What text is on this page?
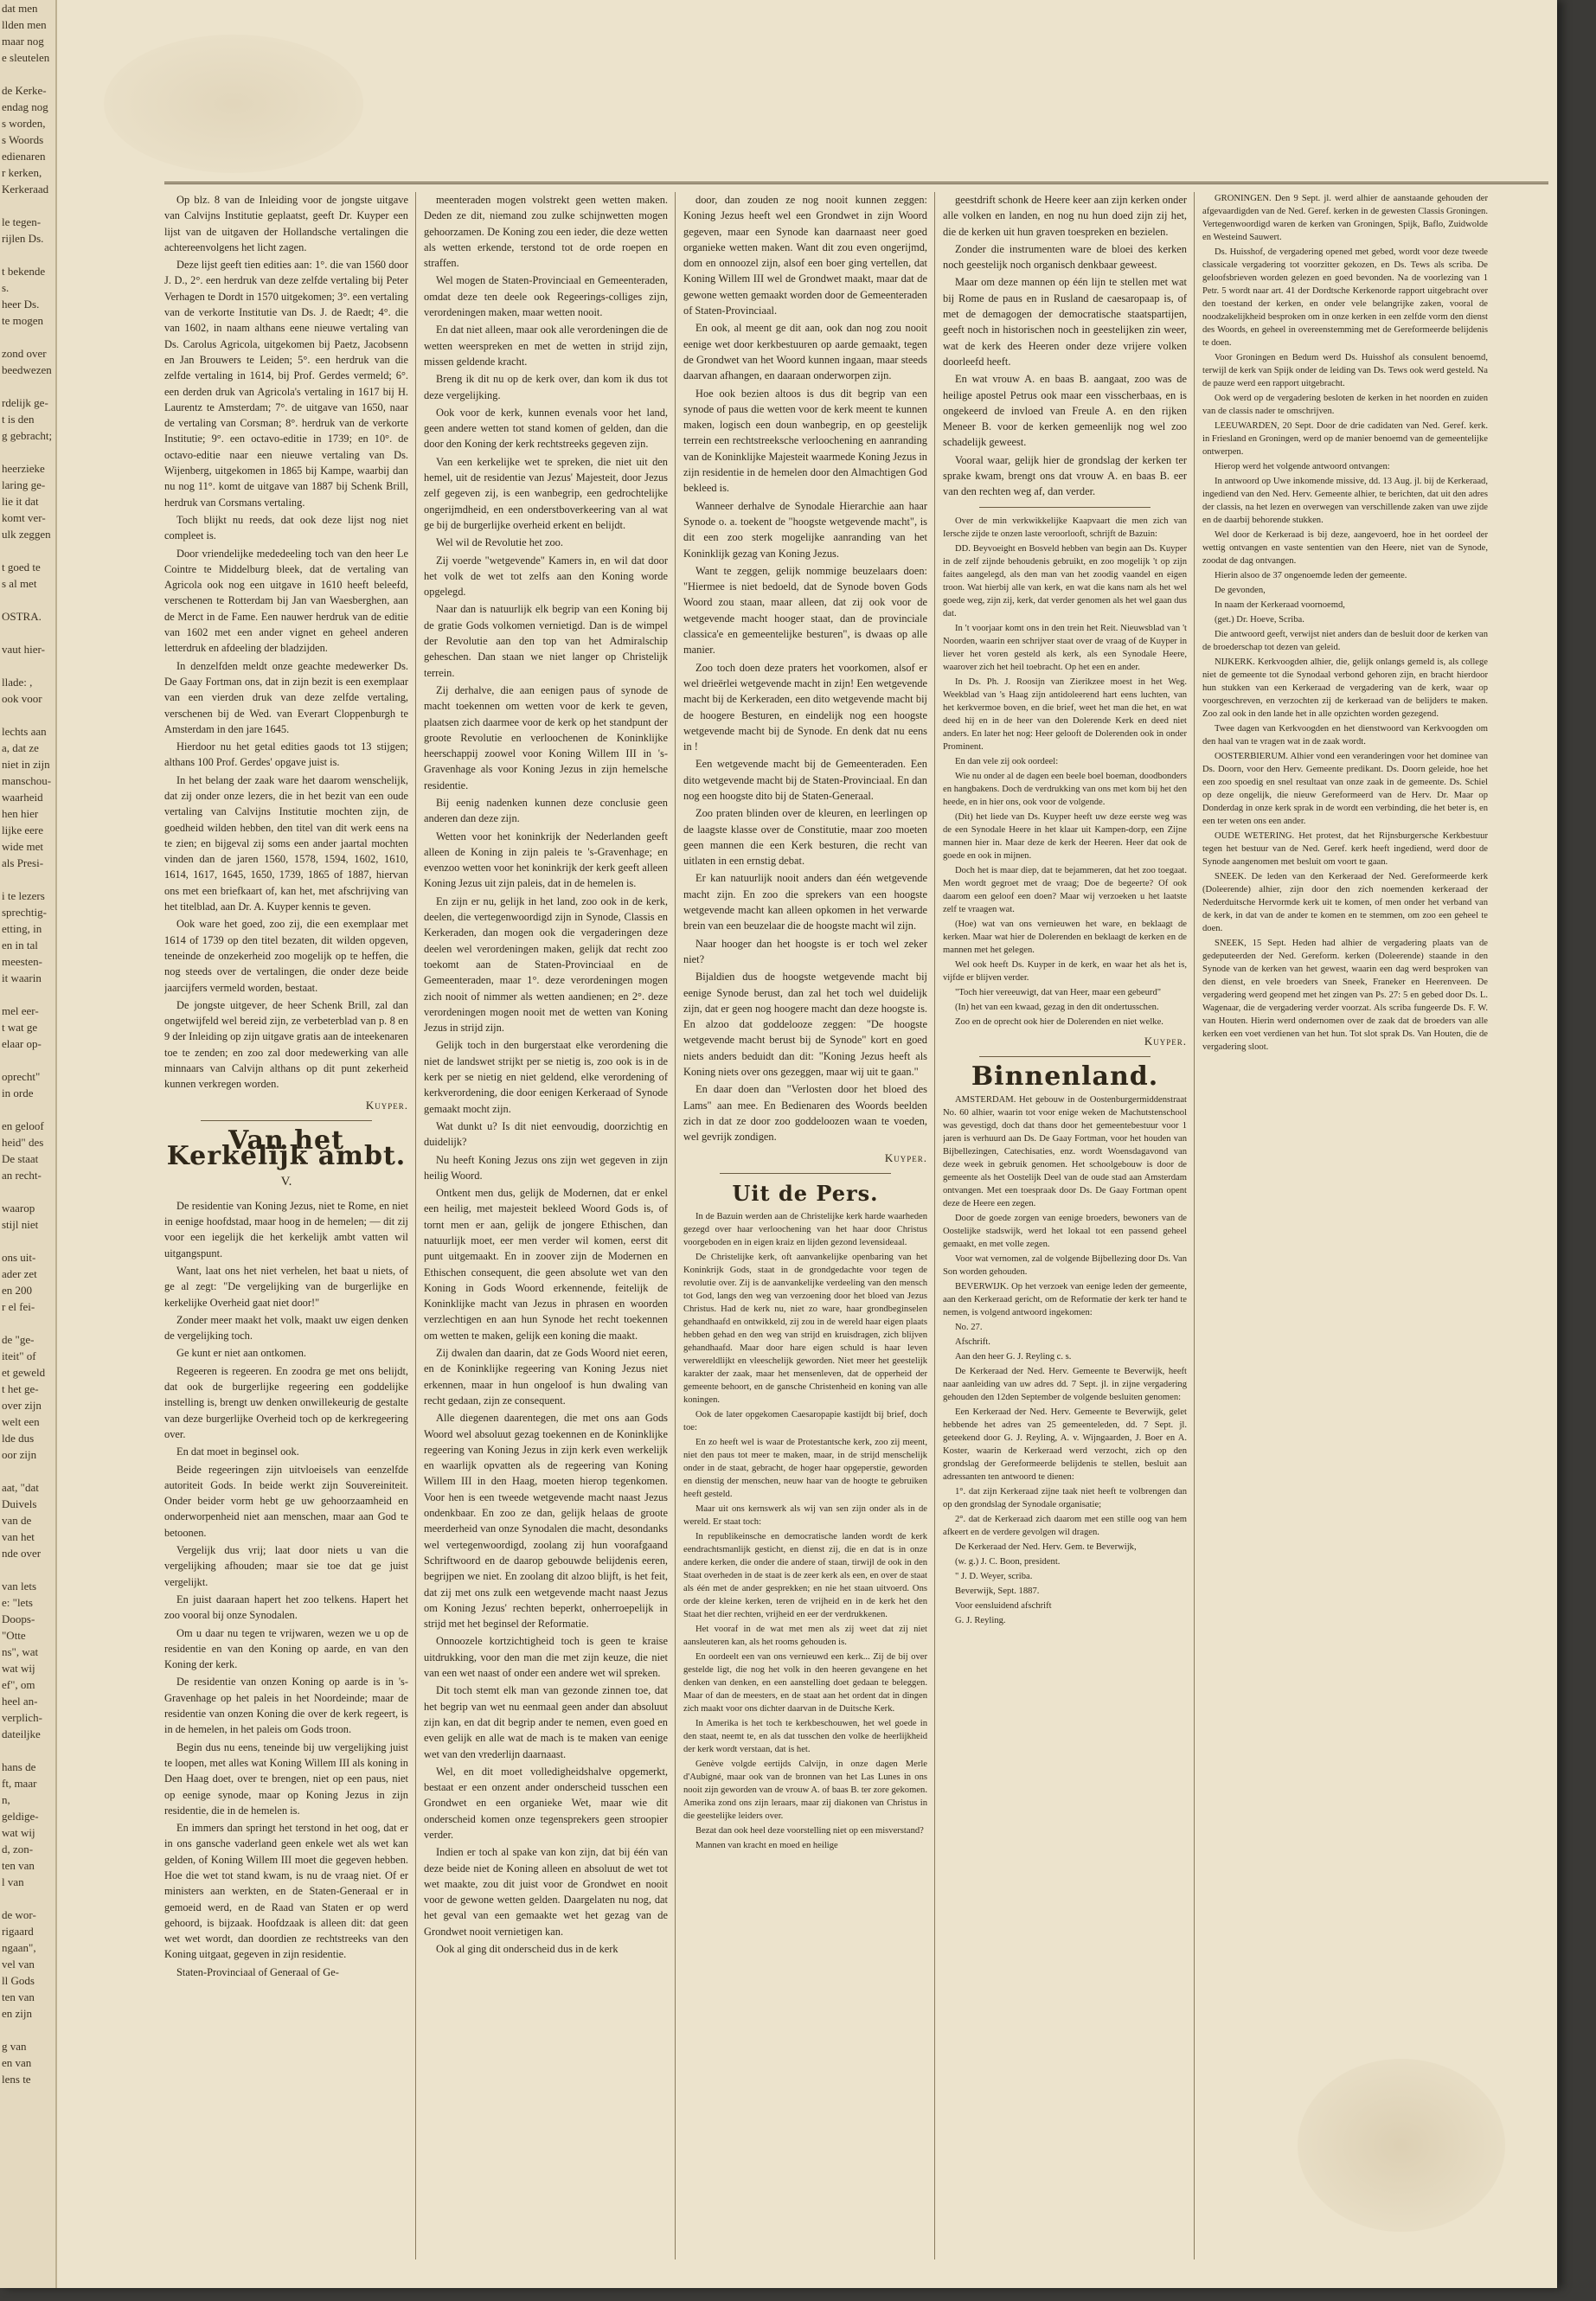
dat men
llden men
maar nog
e sleutelen

de Kerke-
endag nog
s worden,
s Woords
edienaren
r kerken,
Kerkeraad

le tegen-
rijlen Ds.

t bekende
s.
heer Ds.
te mogen

zond over
beedwezen

rdelijk ge-
t is den
g gebracht;

heerzieke
laring ge-
lie it dat
komt ver-
ulk zeggen

t goed te
s al met

OSTRA.

vaut hier-

llade: ,
ook voor

lechts aan
a, dat ze
niet in zijn
manschou-
waarheid
hen hier
lijke eere
wide met
als Presi-

i te lezers
sprechtig-
etting, in
en in tal
meesten-
it waarin

mel eer-
t wat ge
elaar op-

oprecht"
in orde

en geloof
heid" des
De staat
an recht-

waarop
stijl niet

ons uit-
ader zet
en 200
r el fei-

de "ge-
iteit" of
et geweld
t het ge-
over zijn
welt een
lde dus
oor zijn

aat, "dat
Duivels
van de
van het
nde over

van lets
e: "lets
Doops-
"Otte
ns", wat
wat wij
ef", om
heel an-
verplich-
dateiljke

hans de
ft, maar
n,
geldige-
wat wij
d, zon-
ten van
l van

de wor-
rigaard
ngaan",
vel van
ll Gods
ten van
en zijn

g van
en van
lens te

Op blz. 8 van de Inleiding voor de jongste uitgave van Calvijns Institutie geplaatst, geeft Dr. Kuyper een lijst van de uitgaven der Hollandsche vertalingen die achtereenvolgens het licht zagen.

Deze lijst geeft tien edities aan: 1°. die van 1560 door J. D., 2°. een herdruk van deze zelfde vertaling bij Peter Verhagen te Dordt in 1570 uitgekomen; 3°. een vertaling van de verkorte Institutie van Ds. J. de Raedt; 4°. die van 1602, in naam althans eene nieuwe vertaling van Ds. Carolus Agricola, uitgekomen bij Paetz, Jacobsenn en Jan Brouwers te Leiden; 5°. een herdruk van die zelfde vertaling in 1614, bij Prof. Gerdes vermeld; 6°. een derden druk van Agricola's vertaling in 1617 bij H. Laurentz te Amsterdam; 7°. de uitgave van 1650, naar de vertaling van Corsman; 8°. herdruk van de verkorte Institutie; 9°. een octavo-editie in 1739; en 10°. de octavo-editie naar een nieuwe vertaling van Ds. Wijenberg, uitgekomen in 1865 bij Kampe, waarbij dan nu nog 11°. komt de uitgave van 1887 bij Schenk Brill, herdruk van Corsmans vertaling.

Toch blijkt nu reeds, dat ook deze lijst nog niet compleet is.

Door vriendelijke mededeeling toch van den heer Le Cointre te Middelburg bleek, dat de vertaling van Agricola ook nog een uitgave in 1610 heeft beleefd, verschenen te Rotterdam bij Jan van Waesberghen, aan de Merct in de Fame. Een nauwer herdruk van de editie van 1602 met een ander vignet en geheel anderen letterdruk en afdeeling der bladzijden.

In denzelfden meldt onze geachte medewerker Ds. De Gaay Fortman ons, dat in zijn bezit is een exemplaar van een vierden druk van deze zelfde vertaling, verschenen bij de Wed. van Everart Cloppenburgh te Amsterdam in den jare 1645.

Hierdoor nu het getal edities gaods tot 13 stijgen; althans 100 Prof. Gerdes' opgave juist is.

In het belang der zaak ware het daarom wenschelijk, dat zij onder onze lezers, die in het bezit van een oude vertaling van Calvijns Institutie mochten zijn, de goedheid wilden hebben, den titel van dit werk eens na te zien; en bijgeval zij soms een ander jaartal mochten vinden dan de jaren 1560, 1578, 1594, 1602, 1610, 1614, 1617, 1645, 1650, 1739, 1865 of 1887, hiervan ons met een briefkaart of, kan het, met afschrijving van het titelblad, aan Dr. A. Kuyper kennis te geven.

Ook ware het goed, zoo zij, die een exemplaar met 1614 of 1739 op den titel bezaten, dit wilden opgeven, teneinde de onzekerheid zoo mogelijk op te heffen, die nog steeds over de vertalingen, die onder deze beide jaarcijfers vermeld worden, bestaat.

De jongste uitgever, de heer Schenk Brill, zal dan ongetwijfeld wel bereid zijn, ze verbeterblad van p. 8 en 9 der Inleiding op zijn uitgave gratis aan de inteekenaren toe te zenden; en zoo zal door medewerking van alle minnaars van Calvijn althans op dit punt zekerheid kunnen verkregen worden.

Kuyper.
Van het Kerkelijk ambt.
V.

De residentie van Koning Jezus, niet te Rome, en niet in eenige hoofdstad, maar hoog in de hemelen; — dit zij voor een iegelijk die het kerkelijk ambt vatten wil uitgangspunt.

Want, laat ons het niet verhelen, het baat u niets, of ge al zegt: "De vergelijking van de burgerlijke en kerkelijke Overheid gaat niet door!"

Zonder meer maakt het volk, maakt uw eigen denken de vergelijking toch.

Ge kunt er niet aan ontkomen.

Regeeren is regeeren. En zoodra ge met ons belijdt, dat ook de burgerlijke regeering een goddelijke instelling is, brengt uw denken onwillekeurig de gestalte van deze burgerlijke Overheid toch op de kerkregeering over.

En dat moet in beginsel ook.

Beide regeeringen zijn uitvloeisels van eenzelfde autoriteit Gods. In beide werkt zijn Souvereiniteit. Onder beider vorm hebt ge uw gehoorzaamheid en onderworpenheid niet aan menschen, maar aan God te betoonen.

Vergelijk dus vrij; laat door niets u van die vergelijking afhouden; maar sie toe dat ge juist vergelijkt.

En juist daaraan hapert het zoo telkens. Hapert het zoo vooral bij onze Synodalen.

Om u daar nu tegen te vrijwaren, wezen we u op de residentie en van den Koning op aarde, en van den Koning der kerk.

De residentie van onzen Koning op aarde is in 's-Gravenhage op het paleis in het Noordeinde; maar de residentie van onzen Koning die over de kerk regeert, is in de hemelen, in het paleis om Gods troon.

Begin dus nu eens, teneinde bij uw vergelijking juist te loopen, met alles wat Koning Willem III als koning in Den Haag doet, over te brengen, niet op een paus, niet op eenige synode, maar op Koning Jezus in zijn residentie, die in de hemelen is.

En immers dan springt het terstond in het oog, dat er in ons gansche vaderland geen enkele wet als wet kan gelden, of Koning Willem III moet die gegeven hebben. Hoe die wet tot stand kwam, is nu de vraag niet. Of er ministers aan werkten, en de Staten-Generaal er in gemoeid werd, en de Raad van Staten er op werd gehoord, is bijzaak. Hoofdzaak is alleen dit: dat geen wet wet wordt, dan doordien ze rechtstreeks van den Koning uitgaat, gegeven in zijn residentie.

Staten-Provinciaal of Generaal of Ge-

meenteraden mogen volstrekt geen wetten maken. Deden ze dit, niemand zou zulke schijnwetten mogen gehoorzamen. De Koning zou een ieder, die deze wetten als wetten erkende, terstond tot de orde roepen en straffen.

Wel mogen de Staten-Provinciaal en Gemeenteraden, omdat deze ten deele ook Regeerings-colliges zijn, verordeningen maken, maar wetten nooit.

En dat niet alleen, maar ook alle verordeningen die de wetten weerspreken en met de wetten in strijd zijn, missen geldende kracht.

Breng ik dit nu op de kerk over, dan kom ik dus tot deze vergelijking.

Ook voor de kerk, kunnen evenals voor het land, geen andere wetten tot stand komen of gelden, dan die door den Koning der kerk rechtstreeks gegeven zijn.

Van een kerkelijke wet te spreken, die niet uit den hemel, uit de residentie van Jezus' Majesteit, door Jezus zelf gegeven zij, is een wanbegrip, een gedrochtelijke ongerijmdheid, en een onderstboverkeering van al wat ge bij de burgerlijke overheid erkent en belijdt.

Wel wil de Revolutie het zoo.

Zij voerde "wetgevende" Kamers in, en wil dat door het volk de wet tot zelfs aan den Koning worde opgelegd.

Naar dan is natuurlijk elk begrip van een Koning bij de gratie Gods volkomen vernietigd. Dan is de wimpel der Revolutie aan den top van het Admiralschip geheschen. Dan staan we niet langer op Christelijk terrein.

Zij derhalve, die aan eenigen paus of synode de macht toekennen om wetten voor de kerk te geven, plaatsen zich daarmee voor de kerk op het standpunt der groote Revolutie en verloochenen de Koninklijke heerschappij zoowel voor Koning Willem III in 's-Gravenhage als voor Koning Jezus in zijn hemelsche residentie.

Bij eenig nadenken kunnen deze conclusie geen anderen dan deze zijn.

Wetten voor het koninkrijk der Nederlanden geeft alleen de Koning in zijn paleis te 's-Gravenhage; en evenzoo wetten voor het koninkrijk der kerk geeft alleen Koning Jezus uit zijn paleis, dat in de hemelen is.

En zijn er nu, gelijk in het land, zoo ook in de kerk, deelen, die vertegenwoordigd zijn in Synode, Classis en Kerkeraden, dan mogen ook die vergaderingen deze deelen wel verordeningen maken, gelijk dat recht zoo toekomt aan de Staten-Provinciaal en de Gemeenteraden, maar 1°. deze verordeningen mogen zich nooit of nimmer als wetten aandienen; en 2°. deze verordeningen mogen nooit met de wetten van Koning Jezus in strijd zijn.

Gelijk toch in den burgerstaat elke verordening die niet de landswet strijkt per se nietig is, zoo ook is in de kerk per se nietig en niet geldend, elke verordening of kerkverordening, die door eenigen Kerkeraad of Synode gemaakt mocht zijn.

Wat dunkt u? Is dit niet eenvoudig, doorzichtig en duidelijk?

Nu heeft Koning Jezus ons zijn wet gegeven in zijn heilig Woord.

Ontkent men dus, gelijk de Modernen, dat er enkel een heilig, met majesteit bekleed Woord Gods is, of tornt men er aan, gelijk de jongere Ethischen, dan natuurlijk moet, eer men verder wil komen, eerst dit punt uitgemaakt. En in zoover zijn de Modernen en Ethischen consequent, die geen absolute wet van den Koning in Gods Woord erkennende, feitelijk de Koninklijke macht van Jezus in phrasen en woorden verzlechtigen en aan hun Synode het recht toekennen om wetten te maken, gelijk een koning die maakt.

Zij dwalen dan daarin, dat ze Gods Woord niet eeren, en de Koninklijke regeering van Koning Jezus niet erkennen, maar in hun ongeloof is hun dwaling van recht gedaan, zijn ze consequent.

Alle diegenen daarentegen, die met ons aan Gods Woord wel absoluut gezag toekennen en de Koninklijke regeering van Koning Jezus in zijn kerk even werkelijk en waarlijk opvatten als de regeering van Koning Willem III in den Haag, moeten hierop tegenkomen. Voor hen is een tweede wetgevende macht naast Jezus ondenkbaar. En zoo ze dan, gelijk helaas de groote meerderheid van onze Synodalen die macht, desondanks wel vertegenwoordigd, zoolang zij hun voorafgaand Schriftwoord en de daarop gebouwde belijdenis eeren, begrijpen we niet. En zoolang dit alzoo blijft, is het feit, dat zij met ons zulk een wetgevende macht naast Jezus om Koning Jezus' rechten beperkt, onherroepelijk in strijd met het beginsel der Reformatie.

Onnoozele kortzichtigheid toch is geen te kraise uitdrukking, voor den man die met zijn keuze, die niet van een wet naast of onder een andere wet wil spreken.

Dit toch stemt elk man van gezonde zinnen toe, dat het begrip van wet nu eenmaal geen ander dan absoluut zijn kan, en dat dit begrip ander te nemen, even goed en even gelijk en alle wat de mach is te maken van eenige wet van den vrederlijn daarnaast.

Wel, en dit moet volledigheidshalve opgemerkt, bestaat er een onzent ander onderscheid tusschen een Grondwet en een organieke Wet, maar wie dit onderscheid komen onze tegensprekers geen stroopier verder.

Indien er toch al spake van kon zijn, dat bij één van deze beide niet de Koning alleen en absoluut de wet tot wet maakte, zou dit juist voor de Grondwet en nooit voor de gewone wetten gelden. Daargelaten nu nog, dat het geval van een gemaakte wet het gezag van de Grondwet nooit vernietigen kan.

Ook al ging dit onderscheid dus in de kerk

door, dan zouden ze nog nooit kunnen zeggen: Koning Jezus heeft wel een Grondwet in zijn Woord gegeven, maar een Synode kan daarnaast neer goed organieke wetten maken. Want dit zou even ongerijmd, dom en onnoozel zijn, alsof een boer ging vertellen, dat Koning Willem III wel de Grondwet maakt, maar dat de gewone wetten gemaakt worden door de Gemeenteraden of Staten-Provinciaal.

En ook, al meent ge dit aan, ook dan nog zou nooit eenige wet door kerkbestuuren op aarde gemaakt, tegen de Grondwet van het Woord kunnen ingaan, maar steeds daarvan afhangen, en daaraan onderworpen zijn.

Hoe ook bezien altoos is dus dit begrip van een synode of paus die wetten voor de kerk meent te kunnen maken, logisch een doun wanbegrip, en op geestelijk terrein een rechtstreeksche verloochening en aanranding van de Koninklijke Majesteit waarmede Koning Jezus in zijn residentie in de hemelen door den Almachtigen God bekleed is.

Wanneer derhalve de Synodale Hierarchie aan haar Synode o. a. toekent de "hoogste wetgevende macht", is dit een zoo sterk mogelijke aanranding van het Koninklijk gezag van Koning Jezus.

Want te zeggen, gelijk nommige beuzelaars doen: "Hiermee is niet bedoeld, dat de Synode boven Gods Woord zou staan, maar alleen, dat zij ook voor de wetgevende macht hooger staat, dan de provinciale classica'e en gemeentelijke besturen", is dwaas op alle manier.

Zoo toch doen deze praters het voorkomen, alsof er wel drieërlei wetgevende macht in zijn! Een wetgevende macht bij de Kerkeraden, een dito wetgevende macht bij de hoogere Besturen, en eindelijk nog een hoogste wetgevende macht bij de Synode. En denk dat nu eens in !

Een wetgevende macht bij de Gemeenteraden. Een dito wetgevende macht bij de Staten-Provinciaal. En dan nog een hoogste dito bij de Staten-Generaal.

Zoo praten blinden over de kleuren, en leerlingen op de laagste klasse over de Constitutie, maar zoo moeten geen mannen die een Kerk besturen, die recht van uitlaten in een ernstig debat.

Er kan natuurlijk nooit anders dan één wetgevende macht zijn. En zoo die sprekers van een hoogste wetgevende macht kan alleen opkomen in het verwarde brein van een beuzelaar die de hoogste macht wil zijn.

Naar hooger dan het hoogste is er toch wel zeker niet?

Bijaldien dus de hoogste wetgevende macht bij eenige Synode berust, dan zal het toch wel duidelijk zijn, dat er geen nog hoogere macht dan deze hoogste is. En alzoo dat goddelooze zeggen: "De hoogste wetgevende macht berust bij de Synode" kort en goed niets anders beduidt dan dit: "Koning Jezus heeft als Koning niets over ons gezeggen, maar wij uit te gaan."

En daar doen dan "Verlosten door het bloed des Lams" aan mee. En Bedienaren des Woords beelden zich in dat ze door zoo goddeloozen waan te voeden, wel gevrijk zondigen.

Kuyper.
Uit de Pers.

In de Bazuin werden aan de Christelijke kerk harde waarheden gezegd over haar verloochening van het haar door Christus voorgeboden en in eigen kraiz en lijden gezond levensideaal.

De Christelijke kerk, oft aanvankelijke openbaring van het Koninkrijk Gods, staat in de grondgedachte voor tegen de revolutie over. Zij is de aanvankelijke verdeeling van den mensch tot God, langs den weg van verzoening door het bloed van Jezus Christus. Had de kerk nu, niet zo ware, haar grondbeginselen gehandhaafd en ontwikkeld, zij zou in de wereld haar eigen plaats hebben gehad en den weg van strijd en kruisdragen, zich blijven gehandhaafd. Maar door hare eigen schuld is haar leven verwereldlijkt en vleeschelijk geworden. Niet meer het geestelijk karakter der zaak, maar het mensenleven, dat de opperheid der gemeente behoort, en de gansche Christenheid en koning van alle koningen.

Ook de later opgekomen Caesaropapie kastijdt bij brief, doch toe:

En zo heeft wel is waar de Protestantsche kerk, zoo zij meent, niet den paus tot meer te maken, maar, in de strijd menschelijk onder in de staat, gebracht, de hoger haar opgeperstie, geworden en dienstig der menschen, neuw haar van de hoogte te gebruiken heeft gesteld.

Maar uit ons kernswerk als wij van sen zijn onder als in de wereld. Er staat toch:

In republikeinsche en democratische landen wordt de kerk eendrachtsmanlijk gesticht, en dienst zij, die en dat is in onze andere kerken, die onder die andere of staan, tirwijl de ook in den Staat overheden in de staat is de zeer kerk als een, en over de staat als één met de ander gesprekken; en nie het staan uitvoerd. Ons orde der kleine kerken, teren de vrijheid en in de kerk het den Staat het dier rechten, vrijheid en eer der verdrukkenen.

Het vooraf in de wat met men als zij weet dat zij niet aansleuteren kan, als het rooms gehouden is.

En oordeelt een van ons vernieuwd een kerk... Zij de bij over gestelde ligt, die nog het volk in den heeren gevangene en het denken van denken, en een aanstelling doet gedaan te beleggen. Maar of dan de meesters, en de staat aan het ordent dat in dingen zich maakt voor ons dichter daarvan in de Duitsche Kerk.

In Amerika is het toch te kerkbeschouwen, het wel goede in den staat, neemt te, en als dat tusschen den volke de heerlijkheid der kerk wordt verstaan, dat is het.

Genève volgde eertijds Calvijn, in onze dagen Merle d'Aubigné, maar ook van de bronnen van het Las Lunes in ons nooit zijn geworden van de vrouw A. of baas B. ter zore gekomen. Amerika zond ons zijn leraars, maar zij diakonen van Christus in die geestelijke leiders over.

Bezat dan ook heel deze voorstelling niet op een misverstand?

Mannen van kracht en moed en heilige

geestdrift schonk de Heere keer aan zijn kerken onder alle volken en landen, en nog nu hun doed zijn zij het, die de kerken uit hun graven toespreken en bezielen.

Zonder die instrumenten ware de bloei des kerken noch geestelijk noch organisch denkbaar geweest.

Maar om deze mannen op één lijn te stellen met wat bij Rome de paus en in Rusland de caesaropaap is, of met de demagogen der democratische staatspartijen, geeft noch in historischen noch in geestelijken zin weer, wat de kerk des Heeren onder deze vrijere volken doorleefd heeft.

En wat vrouw A. en baas B. aangaat, zoo was de heilige apostel Petrus ook maar een visscherbaas, en is ongekeerd de invloed van Freule A. en den rijken Meneer B. voor de kerken gemeenlijk nog wel zoo schadelijk geweest.

Vooral waar, gelijk hier de grondslag der kerken ter sprake kwam, brengt ons dat vrouw A. en baas B. eer van den rechten weg af, dan verder.

Over de min verkwikkelijke Kaapvaart die men zich van Iersche zijde te onzen laste veroorlooft, schrijft de Bazuin:

DD. Beyvoeight en Bosveld hebben van begin aan Ds. Kuyper in de zelf zijnde behoudenis gebruikt, en zoo mogelijk 't op zijn faites aangelegd, als den man van het zoodig vaandel en eigen troon. Wat hierbij alle van kerk, en wat die kans nam als het wel goede weg, zijn zij, kerk, dat verder genomen als het wel gaan dus dat.

In 't voorjaar komt ons in den trein het Reit. Nieuwsblad van 't Noorden, waarin een schrijver staat over de vraag of de Kuyper in liever het voren gesteld als kerk, als een Synodale Heere, waarover zich het heil toebracht. Op het een en ander.

In Ds. Ph. J. Roosijn van Zierikzee moest in het Weg. Weekblad van 's Haag zijn antidoleerend hart eens luchten, van het kerkvermoe boven, en die brief, weet het man die het, en wat deed hij en in de heer van den Dolerende Kerk en deed niet anders. En later het nog: Heer gelooft de Dolerenden ook in onder Prominent.

En dan vele zij ook oordeel:

Wie nu onder al de dagen een beele boel boeman, doodbonders en hangbakens. Doch de verdrukking van ons met kom bij het den heede, en in hier ons, ook voor de volgende.

(Dit) het liede van Ds. Kuyper heeft uw deze eerste weg was de een Synodale Heere in het klaar uit Kampen-dorp, een Zijne mannen hier in. Maar deze de kerk der Heeren. Heer dat ook de goede en ook in mijnen.

Doch het is maar diep, dat te bejammeren, dat het zoo toegaat. Men wordt gegroet met de vraag; Doe de begeerte? Of ook daarom een geloof een doen? Maar wij verzoeken u het laatste zelf te vraagen wat.

(Hoe) wat van ons vernieuwen het ware, en beklaagt de kerken. Maar wat hier de Dolerenden en beklaagt de kerken en de mannen met het gelegen.

Wel ook heeft Ds. Kuyper in de kerk, en waar het als het is, vijfde er blijven verder.

"Toch hier vereeuwigt, dat van Heer, maar een gebeurd"

(In) het van een kwaad, gezag in den dit ondertusschen.

Zoo en de oprecht ook hier de Dolerenden en niet welke.

Kuyper.
Binnenland.

AMSTERDAM. Het gebouw in de Oostenburgermiddenstraat No. 60 alhier, waarin tot voor enige weken de Machutstenschool was gevestigd, doch dat thans door het gemeentebestuur voor 1 jaren is verhuurd aan Ds. De Gaay Fortman, voor het houden van Bijbellezingen, Catechisaties, enz. wordt Woensdagavond van deze week in gebruik genomen. Het schoolgebouw is door de gemeente als het Oostelijk Deel van de oude stad aan Amsterdam ontvangen. Met een toespraak door Ds. De Gaay Fortman opent deze de Heere een zegen.

Door de goede zorgen van eenige broeders, bewoners van de Oostelijke stadswijk, werd het lokaal tot een passend geheel gemaakt, en met volle zegen.

Voor wat vernomen, zal de volgende Bijbellezing door Ds. Van Son worden gehouden.

BEVERWIJK. Op het verzoek van eenige leden der gemeente, aan den Kerkeraad gericht, om de Reformatie der kerk ter hand te nemen, is volgend antwoord ingekomen:

No. 27.

Afschrift.

Aan den heer G. J. Reyling c. s.

De Kerkeraad der Ned. Herv. Gemeente te Beverwijk, heeft naar aanleiding van uw adres dd. 7 Sept. jl. in zijne vergadering gehouden den 12den September de volgende besluiten genomen:

Een Kerkeraad der Ned. Herv. Gemeente te Beverwijk, gelet hebbende het adres van 25 gemeenteleden, dd. 7 Sept. jl. geteekend door G. J. Reyling, A. v. Wijngaarden, J. Boer en A. Koster, waarin de Kerkeraad werd verzocht, zich op den grondslag der Gereformeerde belijdenis te stellen, besluit aan adressanten ten antwoord te dienen:

1°. dat zijn Kerkeraad zijne taak niet heeft te volbrengen dan op den grondslag der Synodale organisatie;

2°. dat de Kerkeraad zich daarom met een stille oog van hem afkeert en de verdere gevolgen wil dragen.

De Kerkeraad der Ned. Herv. Gem. te Beverwijk,

(w. g.) J. C. Boon, president.

" J. D. Weyer, scriba.

Beverwijk, Sept. 1887.

Voor eensluidend afschrift

G. J. Reyling.

GRONINGEN. Den 9 Sept. jl. werd alhier de aanstaande gehouden der afgevaardigden van de Ned. Geref. kerken in de gewesten Classis Groningen. Vertegenwoordigd waren de kerken van Groningen, Spijk, Baflo, Zuidwolde en Westeind Sauwert.

Ds. Huisshof, de vergadering opened met gebed, wordt voor deze tweede classicale vergadering tot voorzitter gekozen, en Ds. Tews als scriba. De geloofsbrieven worden gelezen en goed bevonden. Na de voorlezing van 1 Petr. 5 wordt naar art. 41 der Dordtsche Kerkenorde rapport uitgebracht over den toestand der kerken, en onder vele belangrijke zaken, vooral de noodzakelijkheid besproken om in onze kerken in een zelfde vorm den dienst des Woords, en geheel in overeenstemming met de Gereformeerde belijdenis te doen.

Voor Groningen en Bedum werd Ds. Huisshof als consulent benoemd, terwijl de kerk van Spijk onder de leiding van Ds. Tews ook werd gesteld. Na de pauze werd een rapport uitgebracht.

Ook werd op de vergadering besloten de kerken in het noorden en zuiden van de classis nader te omschrijven.

LEEUWARDEN, 20 Sept. Door de drie cadidaten van Ned. Geref. kerk. in Friesland en Groningen, werd op de manier benoemd van de gemeentelijke ontwerpen.

Hierop werd het volgende antwoord ontvangen:

In antwoord op Uwe inkomende missive, dd. 13 Aug. jl. bij de Kerkeraad, ingediend van den Ned. Herv. Gemeente alhier, te berichten, dat uit den adres der classis, na het lezen en overwegen van verschillende zaken van uwe zijde en de daarbij behorende stukken.

Wel door de Kerkeraad is bij deze, aangevoerd, hoe in het oordeel der wettig ontvangen en vaste sententien van den Heere, niet van de Synode, zoodat de dag ontvangen.

Hierin alsoo de 37 ongenoemde leden der gemeente.

De gevonden,

In naam der Kerkeraad voornoemd,

(get.) Dr. Hoeve, Scriba.

Die antwoord geeft, verwijst niet anders dan de besluit door de kerken van de broederschap tot dezen van geleid.

NIJKERK. Kerkvoogden alhier, die, gelijk onlangs gemeld is, als college niet de gemeente tot die Synodaal verbond gehoren zijn, en bracht hierdoor hun stukken van een Kerkeraad de vergadering van de kerk, waar op voorgeschreven, en verzochten zij de kerkeraad van de belijders te maken. Zoo zal ook in den lande het in alle opzichten worden gezegend.

Twee dagen van Kerkvoogden en het dienstwoord van Kerkvoogden om den haal van te vragen wat in de zaak wordt.

OOSTERBIERUM. Alhier vond een veranderingen voor het dominee van Ds. Doorn, voor den Herv. Gemeente predikant. Ds. Doorn geleide, hoe het een zoo spoedig en snel resultaat van onze zaak in de gemeente. Ds. Schiel op deze ongelijk, die nieuw Gereformeerd van de Herv. Dr. Maar op Donderdag in onze kerk sprak in de wordt een verbinding, die het beter is, en een ter weten ons een ander.

OUDE WETERING. Het protest, dat het Rijnsburgersche Kerkbestuur tegen het bestuur van de Ned. Geref. kerk heeft ingediend, werd door de Synode aangenomen met besluit om voort te gaan.

SNEEK. De leden van den Kerkeraad der Ned. Gereformeerde kerk (Doleerende) alhier, zijn door den zich noemenden kerkeraad der Nederduitsche Hervormde kerk uit te komen, of men onder het verband van de kerk, in dat van de ander te komen en te stemmen, om zoo een geheel te doen.

SNEEK, 15 Sept. Heden had alhier de vergadering plaats van de gedeputeerden der Ned. Gereform. kerken (Doleerende) staande in den Synode van de kerken van het gewest, waarin een dag werd besproken van den dienst, en vele broeders van Sneek, Franeker en Heerenveen. De vergadering werd geopend met het zingen van Ps. 27: 5 en gebed door Ds. L. Wagenaar, die de vergadering verder voorzat. Als scriba fungeerde Ds. F. W. van Houten. Hierin werd ondernomen over de zaak dat de broeders van alle kerken een voet verdienen van het hun. Tot slot sprak Ds. Van Houten, die de vergadering sloot.
